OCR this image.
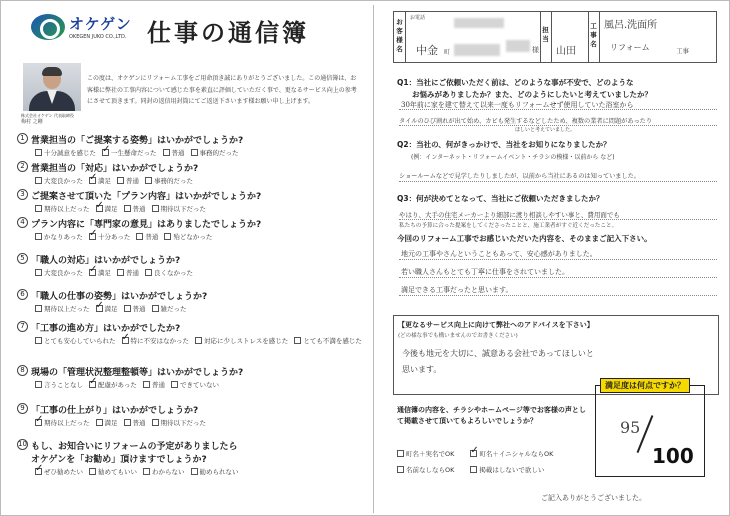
オケゲン
OKEGEN JUKO CO.,LTD. 仕事の通信簿
株式会社オケゲン 代表取締役
梅村 之剛
この度は、オケゲンにリフォーム工事をご用命頂き誠にありがとうございました。この通信簿は、お客様に弊社の工事内容について感じた事を素直に評価していただく事で、更なるサービス向上の参考にさせて頂きます。同封の返信用封筒にてご返送下さいます様お願い申し上げます。
1 営業担当の「ご提案する姿勢」はいかがでしょうか?
十分誠意を感じた ✓ 一生懸命だった 普通 事務的だった
2 営業担当の「対応」はいかがでしょうか?
大変良かった ✓ 満足 普通 事務的だった
3 ご提案させて頂いた「プラン内容」はいかがでしょうか?
期待以上だった ✓ 満足 普通 期待以下だった
4 プラン内容に「専門家の意見」はありましたでしょうか?
かなりあった ✓ 十分あった 普通 殆どなかった
5 「職人の対応」はいかがでしょうか?
大変良かった ✓ 満足 普通 良くなかった
6 「職人の仕事の姿勢」はいかがでしょうか?
期待以上だった ✓ 満足 普通 雑だった
7 「工事の進め方」はいかがでしたか?
とても安心していられた ✓ 特に不安はなかった 対応に少しストレスを感じた とても不満を感じた
8 現場の「管理状況整理整頓等」はいかがでしょうか?
言うことなし ✓ 配慮があった 普通 できていない
9 「工事の仕上がり」はいかがでしょうか?
✓
期待以上だった 満足 普通 期待以下だった
10 もし、お知合いにリフォームの予定がありましたら
オケゲンを「お勧め」頂けますでしょうか?
✓
ぜひ勧めたい 勧めてもいい わからない 勧められない
お客様名
お電話
中金 町	様
担当
山田
工事名
風呂.洗面所
リフォーム	工事
Q1：当社にご依頼いただく前は、どのような事が不安で、どのような
お悩みがありましたか？また、どのようにしたいと考えていましたか？
30年前に家を建て替えて以来一度もリフォームせず使用していた浴室から
タイルのひび割れが出て始め、カビも発生するなどしたため、複数の業者に問題があったり
ほしいと考えていました。
Q2：当社の、何がきっかけで、当社をお知りになりましたか？
(例：インターネット・リフォームイベント・チラシの模様・以前から など)
ショールームなどで見学したりしましたが、以前から当社にあるのは知っていました。
Q3：何が決めてとなって、当社にご依頼いただきましたか？
やはり、大手の住宅メーカーより細部に渡り相談しやすい事と、費用面でも
私たちの予算に合った提案をしてくださったことと、施工業者がすぐ近くだったこと。
今回のリフォーム工事でお感じいただいた内容を、そのままご記入下さい。
地元の工事やさんということもあって、安心感がありました。
若い職人さんもとても丁寧に仕事をされていました。
満足できる工事だったと思います。
【更なるサービス向上に向けて弊社へのアドバイスを下さい】
(どの様な事でも構いませんのでお書きください)
今後も地元を大切に、誠意ある会社であってほしいと
思います。
満足度は何点ですか？
95
100
通信簿の内容を、チラシやホームページ等でお客様の声として掲載させて頂いてもよろしいでしょうか？
町名＋実名でOK ✓	町名＋イニシャルならOK
名前なしならOK	掲載はしないで欲しい
ご記入ありがとうございました。
